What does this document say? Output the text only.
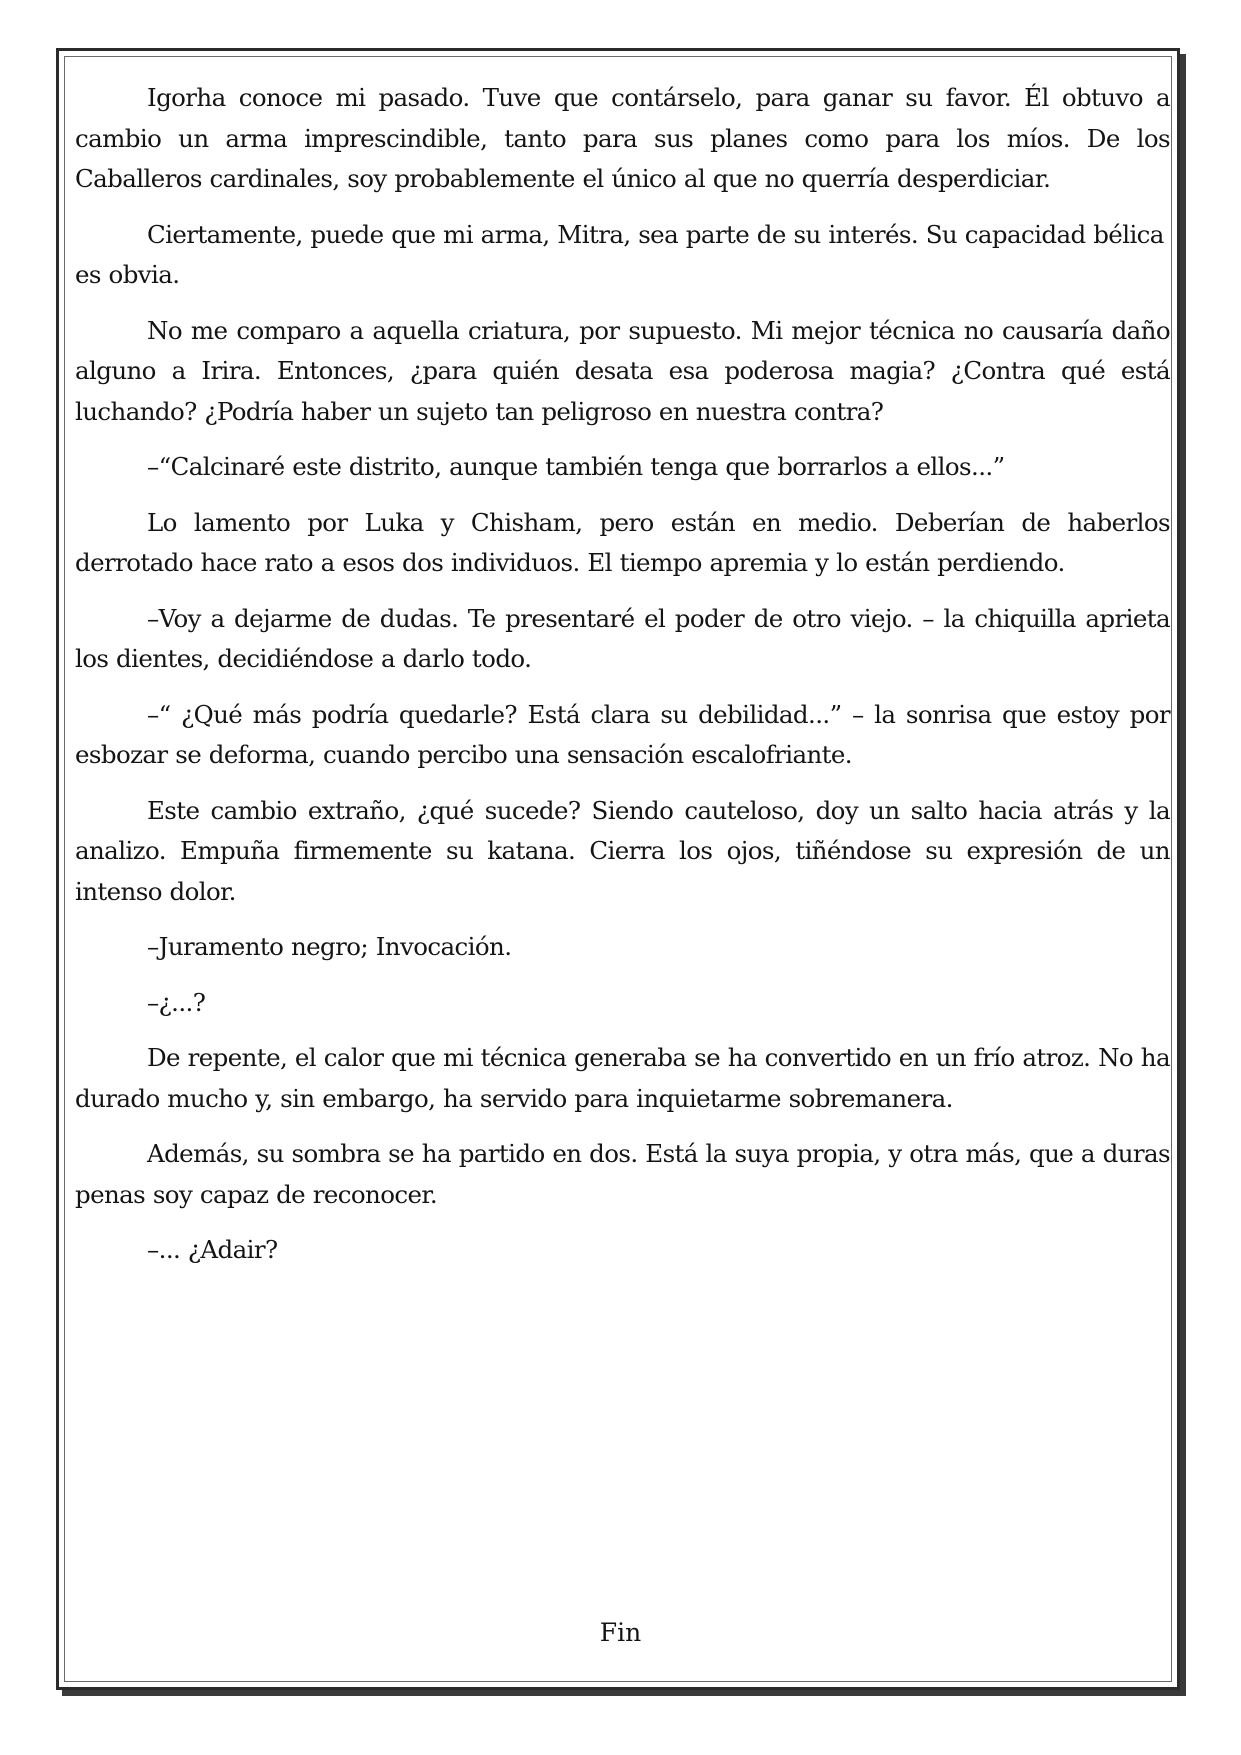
Igorha conoce mi pasado. Tuve que contárselo, para ganar su favor. Él obtuvo a cambio un arma imprescindible, tanto para sus planes como para los míos. De los Caballeros cardinales, soy probablemente el único al que no querría desperdiciar.

Ciertamente, puede que mi arma, Mitra, sea parte de su interés. Su capacidad bélica es obvia.

No me comparo a aquella criatura, por supuesto. Mi mejor técnica no causaría daño alguno a Irira. Entonces, ¿para quién desata esa poderosa magia? ¿Contra qué está luchando? ¿Podría haber un sujeto tan peligroso en nuestra contra?

–“Calcinaré este distrito, aunque también tenga que borrarlos a ellos...”

Lo lamento por Luka y Chisham, pero están en medio. Deberían de haberlos derrotado hace rato a esos dos individuos. El tiempo apremia y lo están perdiendo.

–Voy a dejarme de dudas. Te presentaré el poder de otro viejo. – la chiquilla aprieta los dientes, decidiéndose a darlo todo.

–“ ¿Qué más podría quedarle? Está clara su debilidad...” – la sonrisa que estoy por esbozar se deforma, cuando percibo una sensación escalofriante.

Este cambio extraño, ¿qué sucede? Siendo cauteloso, doy un salto hacia atrás y la analizo. Empuña firmemente su katana. Cierra los ojos, tiñéndose su expresión de un intenso dolor.

–Juramento negro; Invocación.

–¿...?

De repente, el calor que mi técnica generaba se ha convertido en un frío atroz. No ha durado mucho y, sin embargo, ha servido para inquietarme sobremanera.

Además, su sombra se ha partido en dos. Está la suya propia, y otra más, que a duras penas soy capaz de reconocer.

–... ¿Adair?

Fin
